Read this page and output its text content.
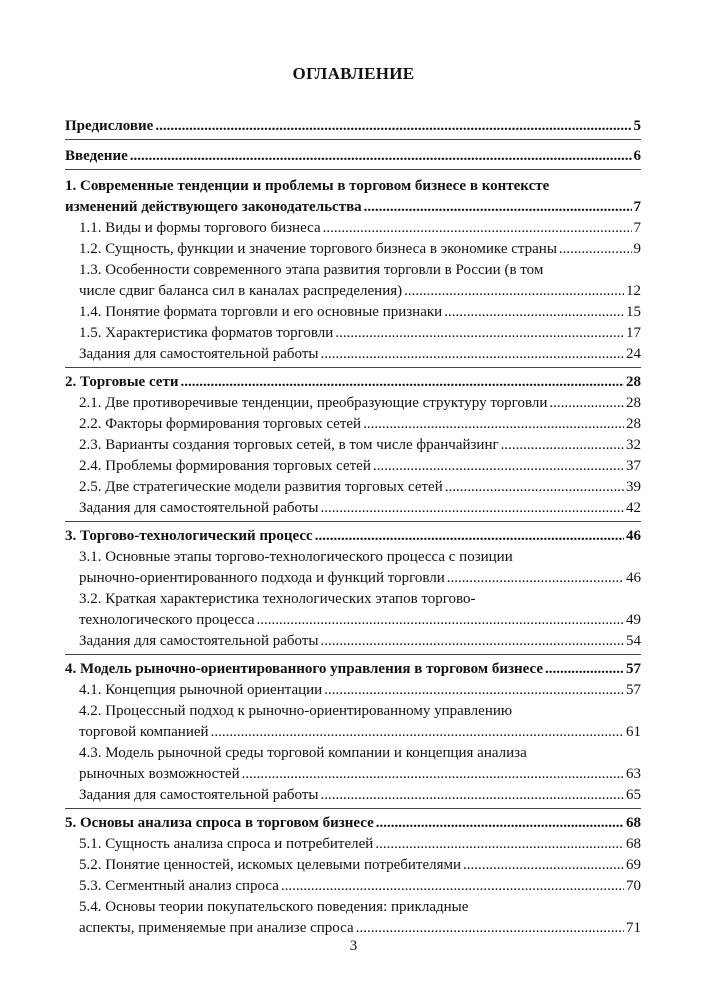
ОГЛАВЛЕНИЕ
Предисловие .....	5
Введение .....	6
1. Современные тенденции и проблемы в торговом бизнесе в контексте
изменений действующего законодательства .....	7
1.1. Виды и формы торгового бизнеса .....	7
1.2. Сущность, функции и значение торгового бизнеса в экономике страны .....	9
1.3. Особенности современного этапа развития торговли в России (в том
числе сдвиг баланса сил в каналах распределения) .....	12
1.4. Понятие формата торговли и его основные признаки .....	15
1.5. Характеристика форматов торговли .....	17
Задания для самостоятельной работы .....	24
2. Торговые сети .....	28
2.1. Две противоречивые тенденции, преобразующие структуру торговли .....	28
2.2. Факторы формирования торговых сетей .....	28
2.3. Варианты создания торговых сетей, в том числе франчайзинг .....	32
2.4. Проблемы формирования торговых сетей .....	37
2.5. Две стратегические модели развития торговых сетей .....	39
Задания для самостоятельной работы .....	42
3. Торгово-технологический процесс .....	46
3.1. Основные этапы торгово-технологического процесса с позиции
рыночно-ориентированного подхода и функций торговли .....	46
3.2. Краткая характеристика технологических этапов торгово-
технологического процесса .....	49
Задания для самостоятельной работы .....	54
4. Модель рыночно-ориентированного управления в торговом бизнесе .....	57
4.1. Концепция рыночной ориентации .....	57
4.2. Процессный подход к рыночно-ориентированному управлению
торговой компанией .....	61
4.3. Модель рыночной среды торговой компании и концепция анализа
рыночных возможностей .....	63
Задания для самостоятельной работы .....	65
5. Основы анализа спроса в торговом бизнесе .....	68
5.1. Сущность анализа спроса и потребителей .....	68
5.2. Понятие ценностей, искомых целевыми потребителями .....	69
5.3. Сегментный анализ спроса .....	70
5.4. Основы теории покупательского поведения: прикладные
аспекты, применяемые при анализе спроса .....	71
3
